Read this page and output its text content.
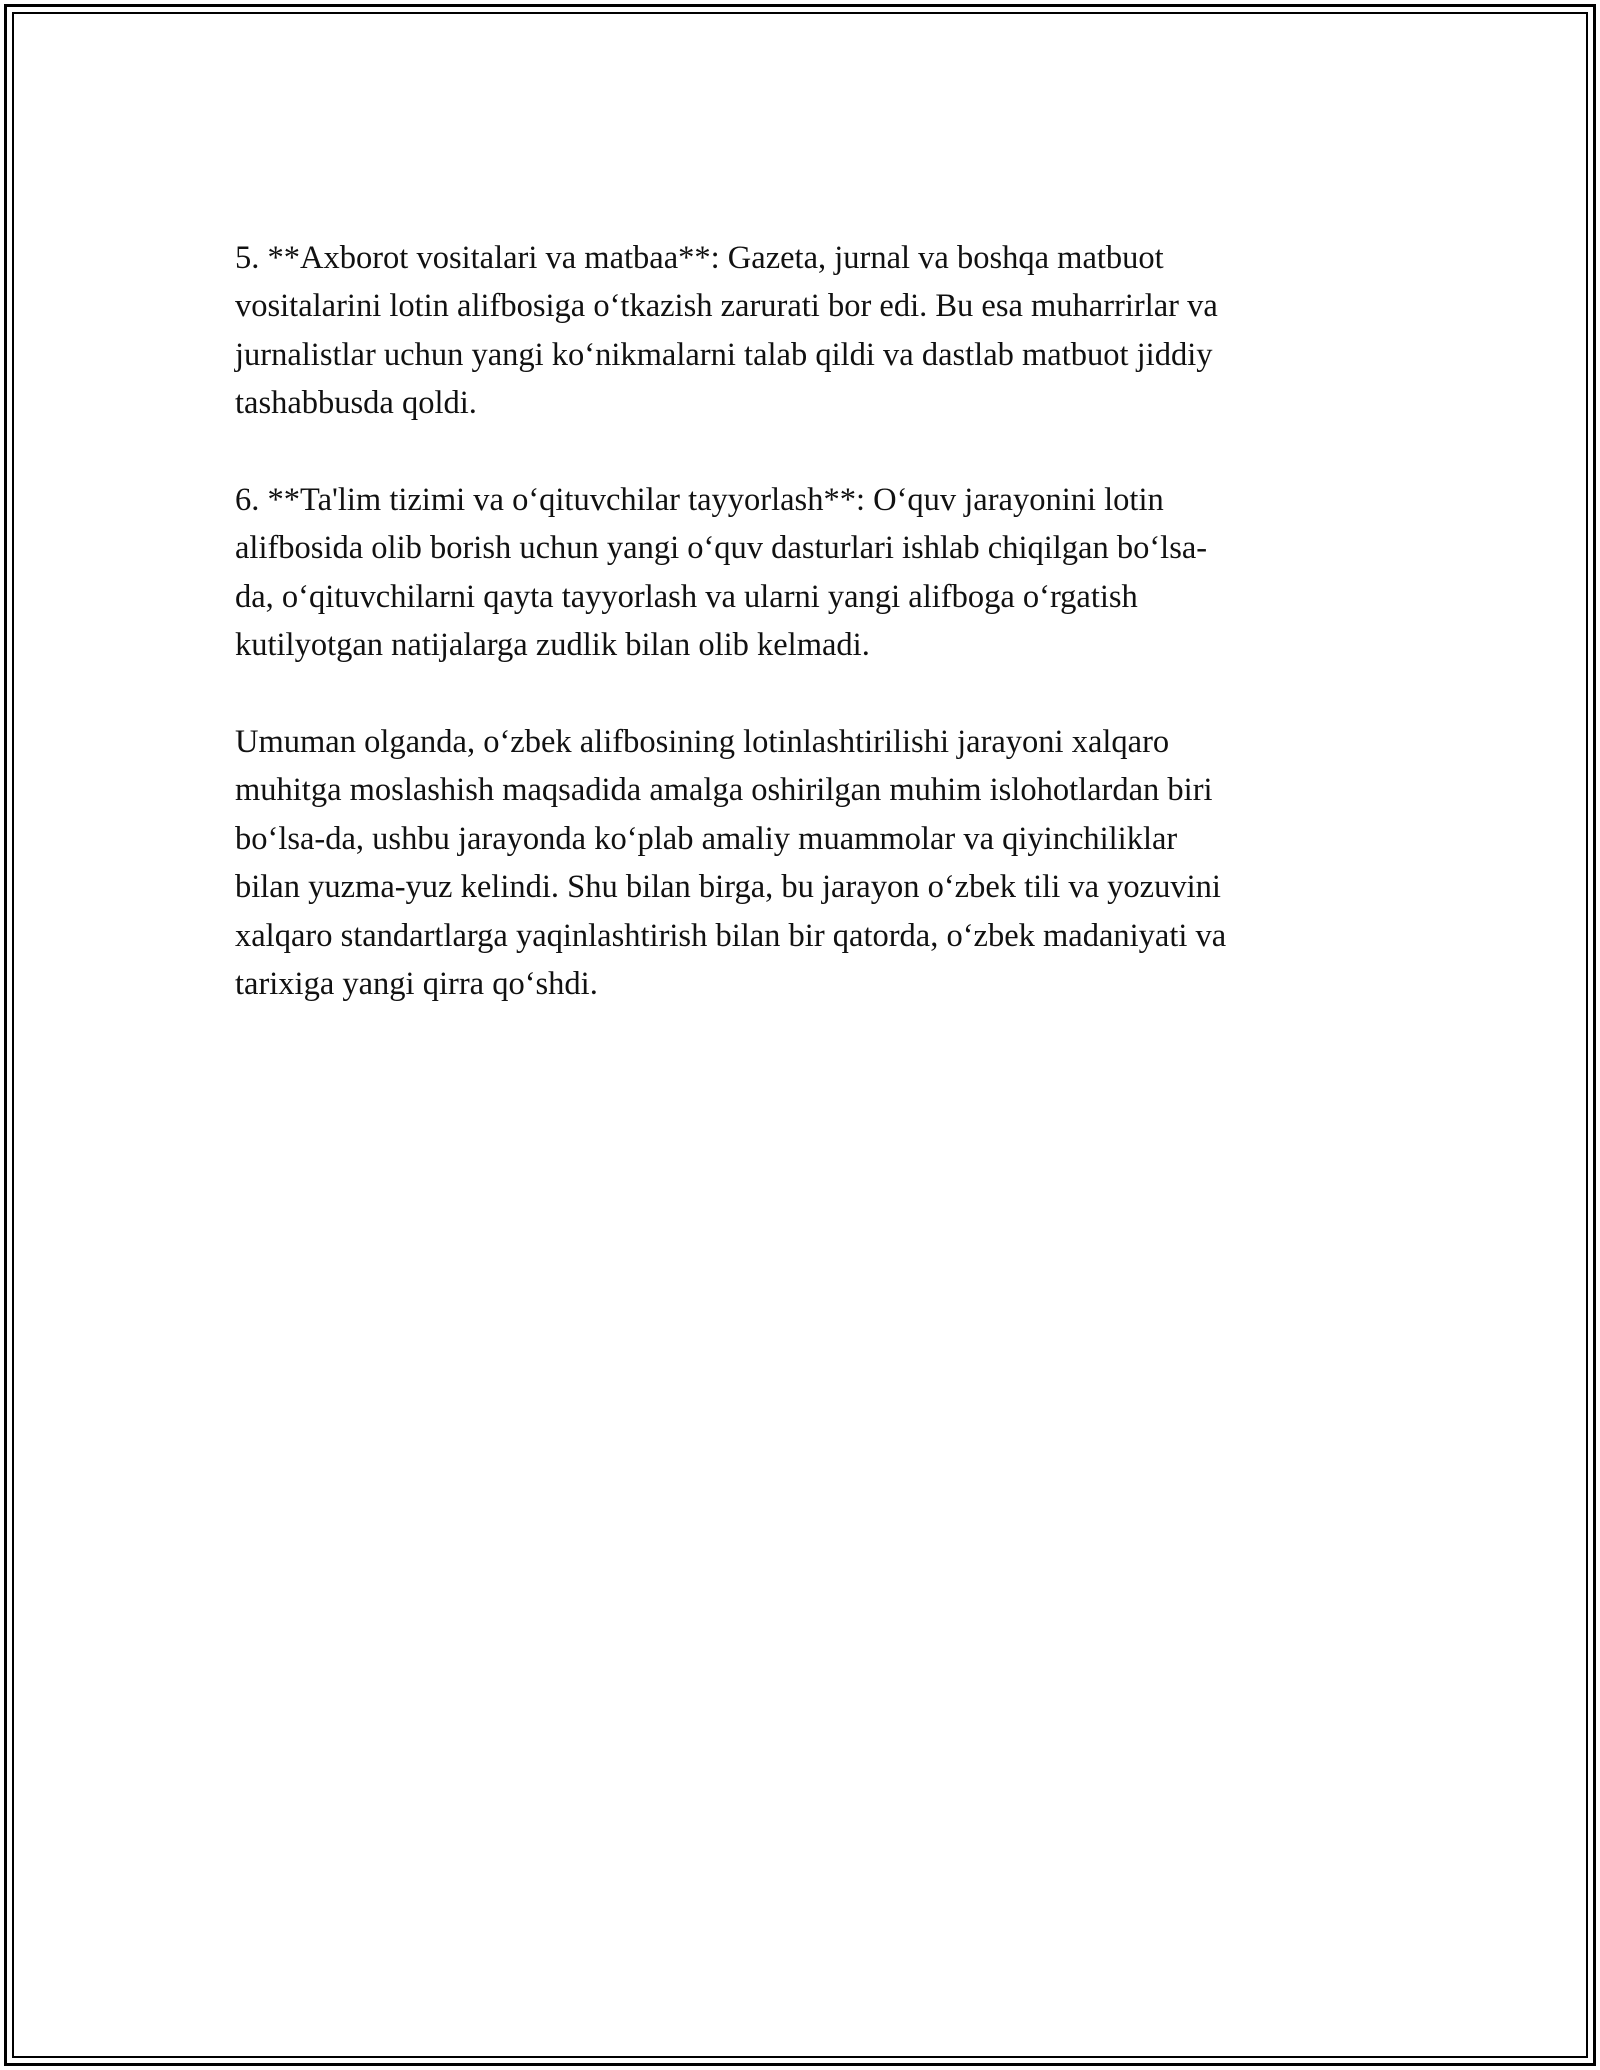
5. **Axborot vositalari va matbaa**: Gazeta, jurnal va boshqa matbuot
vositalarini lotin alifbosiga o‘tkazish zarurati bor edi. Bu esa muharrirlar va
jurnalistlar uchun yangi ko‘nikmalarni talab qildi va dastlab matbuot jiddiy
tashabbusda qoldi.

6. **Ta'lim tizimi va o‘qituvchilar tayyorlash**: O‘quv jarayonini lotin
alifbosida olib borish uchun yangi o‘quv dasturlari ishlab chiqilgan bo‘lsa-
da, o‘qituvchilarni qayta tayyorlash va ularni yangi alifboga o‘rgatish
kutilyotgan natijalarga zudlik bilan olib kelmadi.

Umuman olganda, o‘zbek alifbosining lotinlashtirilishi jarayoni xalqaro
muhitga moslashish maqsadida amalga oshirilgan muhim islohotlardan biri
bo‘lsa-da, ushbu jarayonda ko‘plab amaliy muammolar va qiyinchiliklar
bilan yuzma-yuz kelindi. Shu bilan birga, bu jarayon o‘zbek tili va yozuvini
xalqaro standartlarga yaqinlashtirish bilan bir qatorda, o‘zbek madaniyati va
tarixiga yangi qirra qo‘shdi.
